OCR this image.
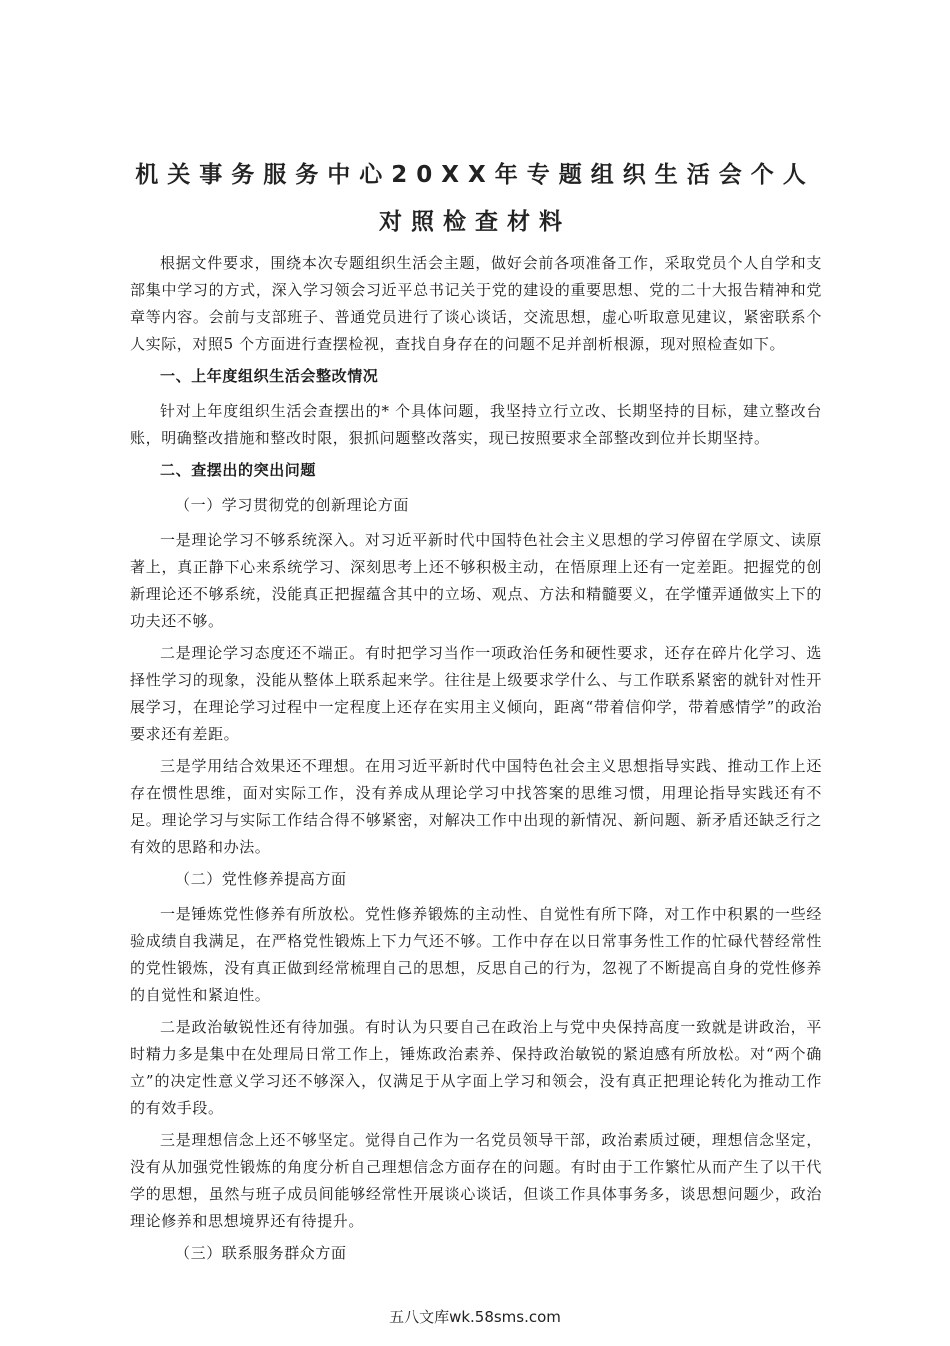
机关事务服务中心20XX年专题组织生活会个人
对照检查材料

根据文件要求，围绕本次专题组织生活会主题，做好会前各项准备工作，采取党员个人自学和支部集中学习的方式，深入学习领会习近平总书记关于党的建设的重要思想、党的二十大报告精神和党章等内容。会前与支部班子、普通党员进行了谈心谈话，交流思想，虚心听取意见建议，紧密联系个人实际，对照5 个方面进行查摆检视，查找自身存在的问题不足并剖析根源，现对照检查如下。

一、上年度组织生活会整改情况

针对上年度组织生活会查摆出的* 个具体问题，我坚持立行立改、长期坚持的目标，建立整改台账，明确整改措施和整改时限，狠抓问题整改落实，现已按照要求全部整改到位并长期坚持。

二、查摆出的突出问题

（一）学习贯彻党的创新理论方面

一是理论学习不够系统深入。对习近平新时代中国特色社会主义思想的学习停留在学原文、读原著上，真正静下心来系统学习、深刻思考上还不够积极主动，在悟原理上还有一定差距。把握党的创新理论还不够系统，没能真正把握蕴含其中的立场、观点、方法和精髓要义，在学懂弄通做实上下的功夫还不够。

二是理论学习态度还不端正。有时把学习当作一项政治任务和硬性要求，还存在碎片化学习、选择性学习的现象，没能从整体上联系起来学。往往是上级要求学什么、与工作联系紧密的就针对性开展学习，在理论学习过程中一定程度上还存在实用主义倾向，距离“带着信仰学，带着感情学”的政治要求还有差距。

三是学用结合效果还不理想。在用习近平新时代中国特色社会主义思想指导实践、推动工作上还存在惯性思维，面对实际工作，没有养成从理论学习中找答案的思维习惯，用理论指导实践还有不足。理论学习与实际工作结合得不够紧密，对解决工作中出现的新情况、新问题、新矛盾还缺乏行之有效的思路和办法。

（二）党性修养提高方面

一是锤炼党性修养有所放松。党性修养锻炼的主动性、自觉性有所下降，对工作中积累的一些经验成绩自我满足，在严格党性锻炼上下力气还不够。工作中存在以日常事务性工作的忙碌代替经常性的党性锻炼，没有真正做到经常梳理自己的思想，反思自己的行为，忽视了不断提高自身的党性修养的自觉性和紧迫性。

二是政治敏锐性还有待加强。有时认为只要自己在政治上与党中央保持高度一致就是讲政治，平时精力多是集中在处理局日常工作上，锤炼政治素养、保持政治敏锐的紧迫感有所放松。对“两个确立”的决定性意义学习还不够深入，仅满足于从字面上学习和领会，没有真正把理论转化为推动工作的有效手段。

三是理想信念上还不够坚定。觉得自己作为一名党员领导干部，政治素质过硬，理想信念坚定，没有从加强党性锻炼的角度分析自己理想信念方面存在的问题。有时由于工作繁忙从而产生了以干代学的思想，虽然与班子成员间能够经常性开展谈心谈话，但谈工作具体事务多，谈思想问题少，政治理论修养和思想境界还有待提升。

（三）联系服务群众方面

五八文库wk.58sms.com
